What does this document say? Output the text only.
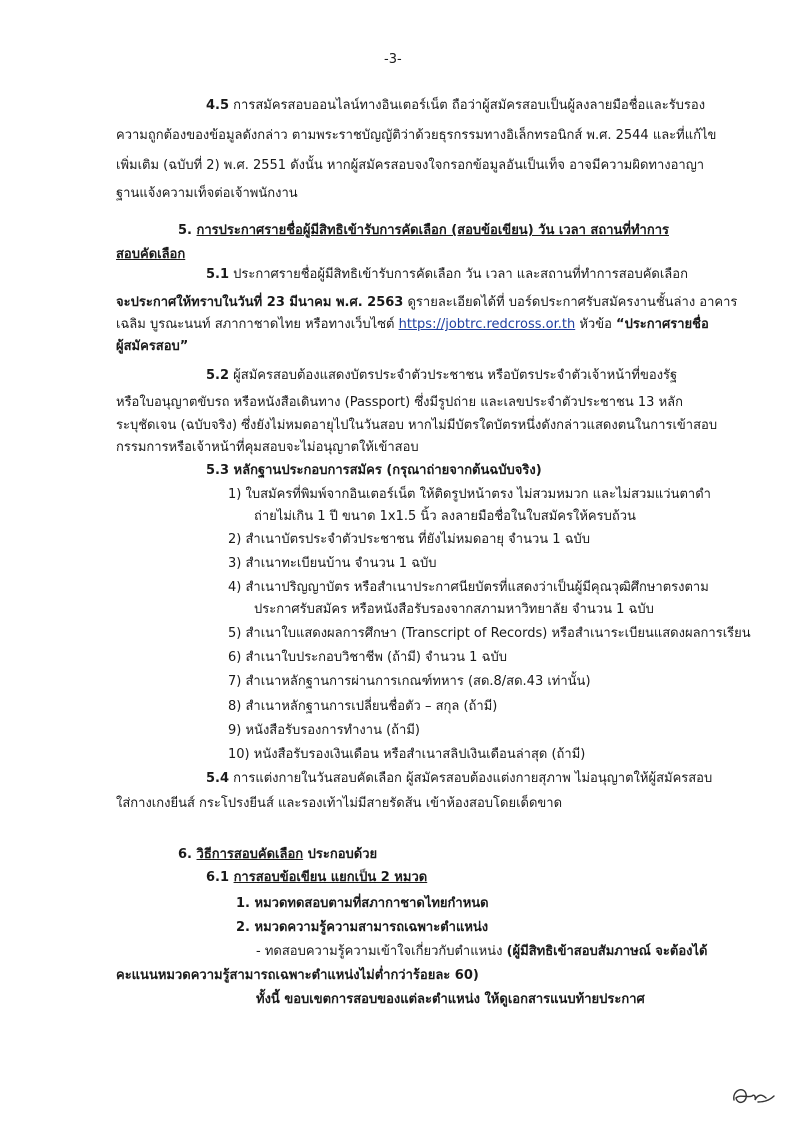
-3-
4.5 การสมัครสอบออนไลน์ทางอินเตอร์เน็ต ถือว่าผู้สมัครสอบเป็นผู้ลงลายมือชื่อและรับรอง
ความถูกต้องของข้อมูลดังกล่าว ตามพระราชบัญญัติว่าด้วยธุรกรรมทางอิเล็กทรอนิกส์ พ.ศ. 2544 และที่แก้ไข
เพิ่มเติม (ฉบับที่ 2) พ.ศ. 2551 ดังนั้น หากผู้สมัครสอบจงใจกรอกข้อมูลอันเป็นเท็จ อาจมีความผิดทางอาญา
ฐานแจ้งความเท็จต่อเจ้าพนักงาน
5. การประกาศรายชื่อผู้มีสิทธิเข้ารับการคัดเลือก (สอบข้อเขียน) วัน เวลา สถานที่ทำการ
สอบคัดเลือก
5.1 ประกาศรายชื่อผู้มีสิทธิเข้ารับการคัดเลือก วัน เวลา และสถานที่ทำการสอบคัดเลือก
จะประกาศให้ทราบในวันที่ 23 มีนาคม พ.ศ. 2563 ดูรายละเอียดได้ที่ บอร์ดประกาศรับสมัครงานชั้นล่าง อาคาร
เฉลิม บูรณะนนท์ สภากาชาดไทย หรือทางเว็บไซต์ https://jobtrc.redcross.or.th หัวข้อ “ประกาศรายชื่อ
ผู้สมัครสอบ”
5.2 ผู้สมัครสอบต้องแสดงบัตรประจำตัวประชาชน หรือบัตรประจำตัวเจ้าหน้าที่ของรัฐ
หรือใบอนุญาตขับรถ หรือหนังสือเดินทาง (Passport) ซึ่งมีรูปถ่าย และเลขประจำตัวประชาชน 13 หลัก
ระบุชัดเจน (ฉบับจริง) ซึ่งยังไม่หมดอายุไปในวันสอบ หากไม่มีบัตรใดบัตรหนึ่งดังกล่าวแสดงตนในการเข้าสอบ
กรรมการหรือเจ้าหน้าที่คุมสอบจะไม่อนุญาตให้เข้าสอบ
5.3 หลักฐานประกอบการสมัคร (กรุณาถ่ายจากต้นฉบับจริง)
1) ใบสมัครที่พิมพ์จากอินเตอร์เน็ต ให้ติดรูปหน้าตรง ไม่สวมหมวก และไม่สวมแว่นตาดำ
ถ่ายไม่เกิน 1 ปี ขนาด 1x1.5 นิ้ว ลงลายมือชื่อในใบสมัครให้ครบถ้วน
2) สำเนาบัตรประจำตัวประชาชน ที่ยังไม่หมดอายุ จำนวน 1 ฉบับ
3) สำเนาทะเบียนบ้าน จำนวน 1 ฉบับ
4) สำเนาปริญญาบัตร หรือสำเนาประกาศนียบัตรที่แสดงว่าเป็นผู้มีคุณวุฒิศึกษาตรงตาม
ประกาศรับสมัคร หรือหนังสือรับรองจากสภามหาวิทยาลัย จำนวน 1 ฉบับ
5) สำเนาใบแสดงผลการศึกษา (Transcript of Records) หรือสำเนาระเบียนแสดงผลการเรียน
6) สำเนาใบประกอบวิชาชีพ (ถ้ามี) จำนวน 1 ฉบับ
7) สำเนาหลักฐานการผ่านการเกณฑ์ทหาร (สด.8/สด.43 เท่านั้น)
8) สำเนาหลักฐานการเปลี่ยนชื่อตัว – สกุล (ถ้ามี)
9) หนังสือรับรองการทำงาน (ถ้ามี)
10) หนังสือรับรองเงินเดือน หรือสำเนาสลิปเงินเดือนล่าสุด (ถ้ามี)
5.4 การแต่งกายในวันสอบคัดเลือก ผู้สมัครสอบต้องแต่งกายสุภาพ ไม่อนุญาตให้ผู้สมัครสอบ
ใส่กางเกงยีนส์ กระโปรงยีนส์ และรองเท้าไม่มีสายรัดส้น เข้าห้องสอบโดยเด็ดขาด
6. วิธีการสอบคัดเลือก ประกอบด้วย
6.1 การสอบข้อเขียน แยกเป็น 2 หมวด
1. หมวดทดสอบตามที่สภากาชาดไทยกำหนด
2. หมวดความรู้ความสามารถเฉพาะตำแหน่ง
- ทดสอบความรู้ความเข้าใจเกี่ยวกับตำแหน่ง (ผู้มีสิทธิเข้าสอบสัมภาษณ์ จะต้องได้
คะแนนหมวดความรู้สามารถเฉพาะตำแหน่งไม่ต่ำกว่าร้อยละ 60)
ทั้งนี้ ขอบเขตการสอบของแต่ละตำแหน่ง ให้ดูเอกสารแนบท้ายประกาศ
